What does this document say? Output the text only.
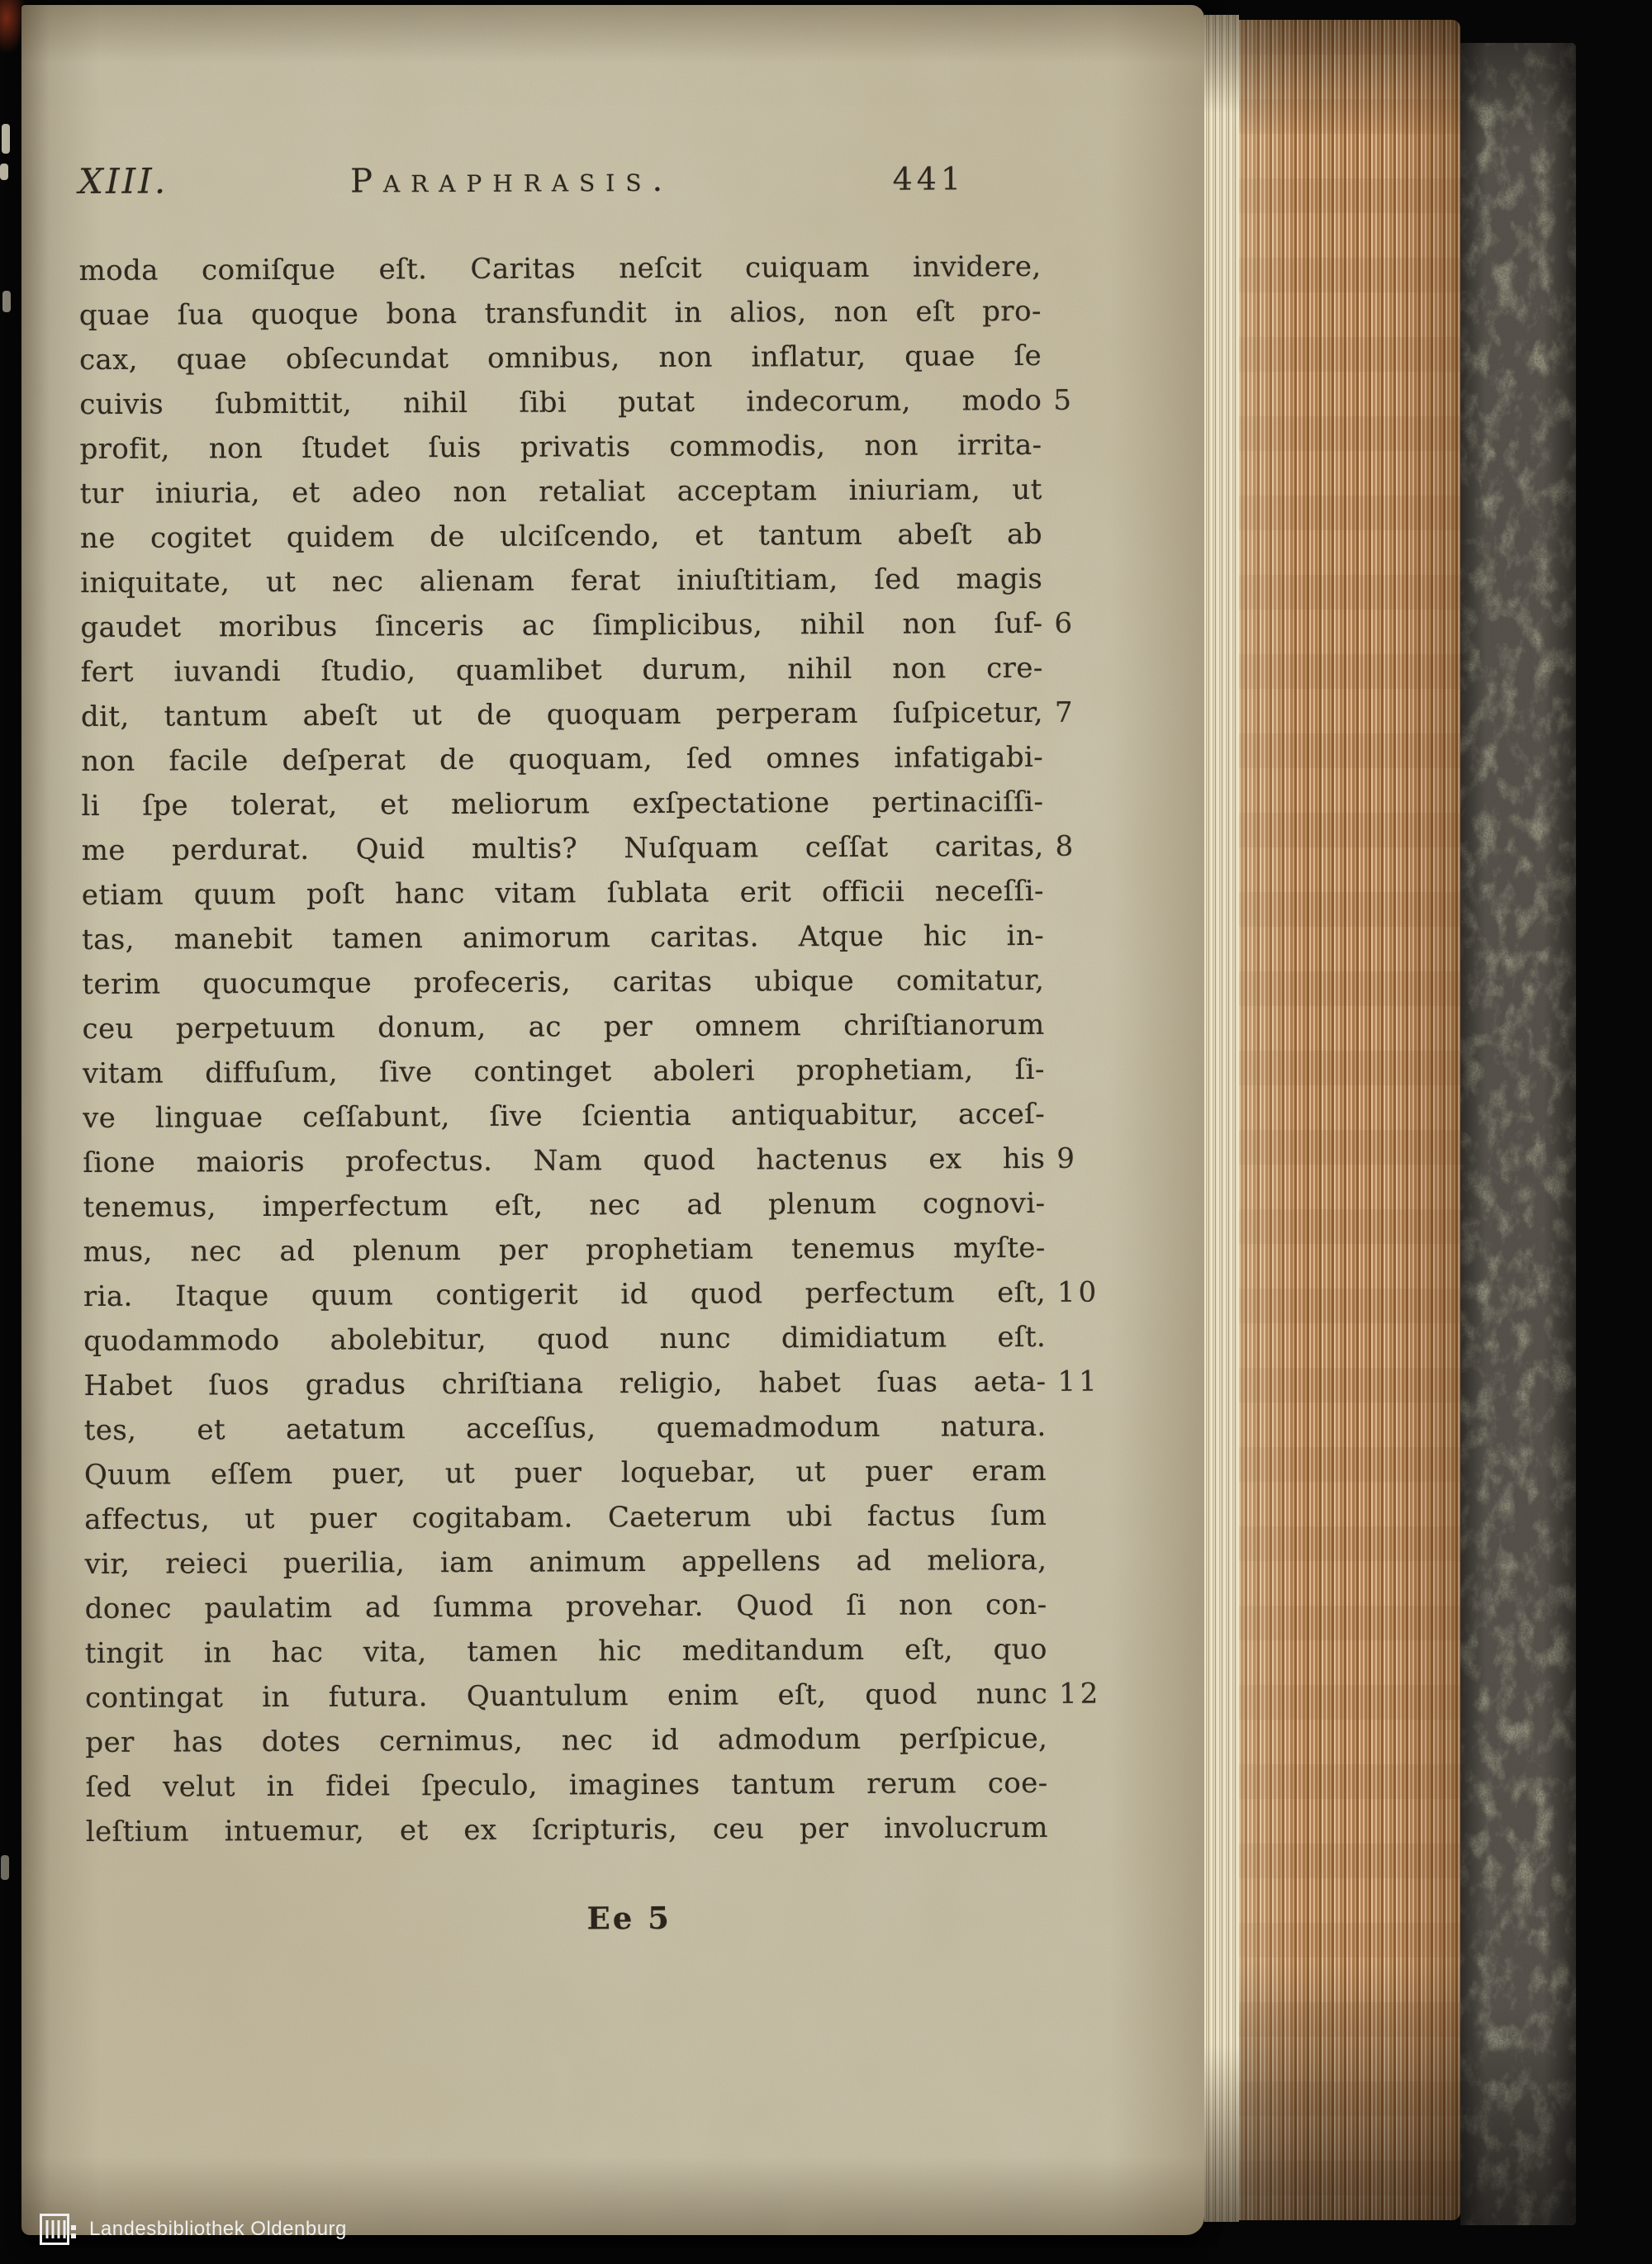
XIII.	Paraphrasis.	441
moda comiſque eſt. Caritas neſcit cuiquam invidere,
quae ſua quoque bona transfundit in alios, non eſt pro-
cax, quae obſecundat omnibus, non inflatur, quae ſe
cuivis ſubmittit, nihil ſibi putat indecorum, modo 5
profit, non ſtudet ſuis privatis commodis, non irrita-
tur iniuria, et adeo non retaliat acceptam iniuriam, ut
ne cogitet quidem de ulciſcendo, et tantum abeſt ab
iniquitate, ut nec alienam ferat iniuſtitiam, ſed magis
gaudet moribus ſinceris ac ſimplicibus, nihil non ſuf- 6
fert iuvandi ſtudio, quamlibet durum, nihil non cre-
dit, tantum abeſt ut de quoquam perperam ſuſpicetur, 7
non facile deſperat de quoquam, ſed omnes infatigabi-
li ſpe tolerat, et meliorum exſpectatione pertinaciſſi-
me perdurat. Quid multis? Nuſquam ceſſat caritas, 8
etiam quum poſt hanc vitam ſublata erit officii neceſſi-
tas, manebit tamen animorum caritas. Atque hic in-
terim quocumque profeceris, caritas ubique comitatur,
ceu perpetuum donum, ac per omnem chriſtianorum
vitam diffuſum, ſive continget aboleri prophetiam, ſi-
ve linguae ceſſabunt, ſive ſcientia antiquabitur, acceſ-
ſione maioris profectus. Nam quod hactenus ex his 9
tenemus, imperfectum eſt, nec ad plenum cognovi-
mus, nec ad plenum per prophetiam tenemus myſte-
ria. Itaque quum contigerit id quod perfectum eſt, 10
quodammodo abolebitur, quod nunc dimidiatum eſt.
Habet ſuos gradus chriſtiana religio, habet ſuas aeta- 11
tes, et aetatum acceſſus, quemadmodum natura.
Quum eſſem puer, ut puer loquebar, ut puer eram
affectus, ut puer cogitabam. Caeterum ubi factus ſum
vir, reieci puerilia, iam animum appellens ad meliora,
donec paulatim ad ſumma provehar. Quod ſi non con-
tingit in hac vita, tamen hic meditandum eſt, quo
contingat in futura. Quantulum enim eſt, quod nunc 12
per has dotes cernimus, nec id admodum perſpicue,
ſed velut in fidei ſpeculo, imagines tantum rerum coe-
leſtium intuemur, et ex ſcripturis, ceu per involucrum
Ee 5
Landesbibliothek Oldenburg
